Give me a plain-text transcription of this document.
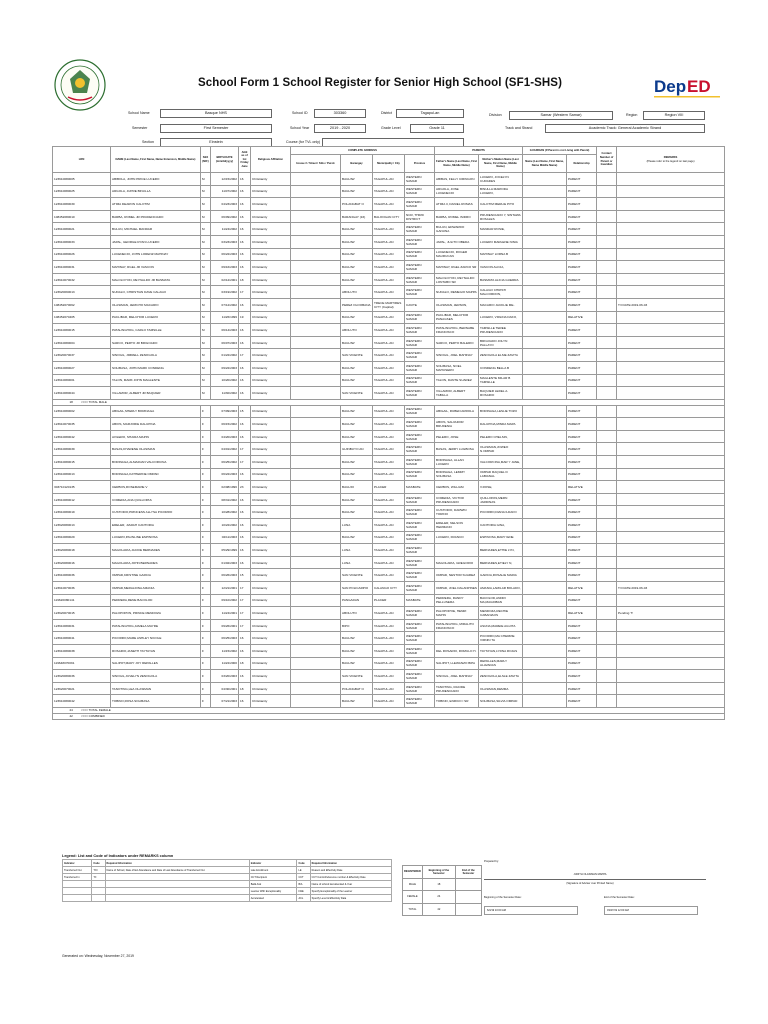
School Form 1 School Register for Senior High School (SF1-SHS)	Dep ED
School Name	Basque NHS	School ID	303360	District	Tagapul-an	Division	Samar (Western Samar)	Region	Region VIII
Semester	First Semester	School Year	2019 - 2020	Grade Level	Grade 11	Track and Strand	Academic Track: General Academic Strand
Section	Einstein	Course (for TVL only)
LRN	NAME (Last Name, First Name, Name Extension, Middle Name)	SEX (M/F)	BIRTH DATE (mm/dd/yyyy)	AGE as of 1st Friday June	Religious Affiliation	COMPLETE ADDRESS				PARENTS		GUARDIAN (If Parent is not Living with Parent)		Contact Number of Parent or Guardian	REMARKS
(Please refer to the legend on last page)
						House # / Street / Sitio / Purok	Barangay	Municipality / City	Province	Father's Name (Last Name, First Name, Middle Name)	Mother's Maiden Name (Last Name, First Name, Middle Name)	Name (Last Name, First Name, Name Middle Name)	Relationship		
123610080005	ABIBOLA, JOHN PRICE LUCERO	M	12/15/2002	16	Christianity		BAGUIW	TAGAPUL-AN	WESTERN SAMAR	ABIBAS, FELLY CIRINGON	LUCERO, JOCELYN CURADES		PARENT		
123610080025	ARGOLA, JUPRE BINULLA	M	11/07/2002	16	Christianity		BAGUIW	TAGAPUL-AN	WESTERN SAMAR	ARGOLA, JOSE LUCENECIO	BINULLA MARIODA LUCERO,		PARENT		
123610080030	ATIMA DEARON CALOTIM	M	04/23/2003	16	Christianity		POLANGBAT O	TAGAPUL-AN	WESTERN SAMAR	ATIMA II, DANIEL ROMAS	CALOTIM MERLIE PITO		PARENT		
108452080010	BARBA, ROMEL JR PRUDENCIADO	M	06/09/2002	16	Christianity		BARANGAY (16)	BALOOGAN CITY	NCR, THIRD DISTRICT	BARBA, ROMEL ISIDRO	PRUDENCIADO Y, SINTAWA ROSALES		PARENT		
123610080021	BULUN, MICHAEL MANDAR	M	11/24/2002	16	Christianity		BAGUIW	TAGAPUL-AN	WESTERN SAMAR	BULUN, EDWARDO GANUNA	MANDAR ROSIE,		PARENT		
123610080033	JAPAL, GEORGE RYAN LUCERO	M	03/23/2003	16	Christianity		BAGUIW	TAGAPUL-AN	WESTERN SAMAR	JAPAL, JULITO OBEDA	LUCERO MARLENE NINIA		PARENT		
123610080026	LUCENECIO, JOHN LORENZ MAHINAY	M	06/22/2003	16	Christianity		BAGUIW	TAGAPUL-AN	WESTERN SAMAR	LUCENECIO, ROGER MAURUCAN	MAHINAY LORNA B		PARENT		
123610080031	MAHINAY, RGEL JR VASCON	M	09/16/2003	16	Christianity		BAGUIW	TAGAPUL-AN	WESTERN SAMAR	MAHINAY, RGEL ZARCO SR	VASCON ALICIA,		PARENT		
123610070032	MALOLOYON, REYNALDO JR BASMATA	M	02/12/2001	18	Christianity		BAGUIW	TAGAPUL-AN	WESTERN SAMAR	MALOLOYON, REYNALDO LONTABO SR	BASMATA ALICIA GUERRA		PARENT		
123620090013	NUDALO, CHRISTIAN DAVE CALAGO	M	03/19/2002	17	Christianity		ABOLUTO	TAGAPUL-AN	WESTERN SAMAR	NUDALO, REMEGIO MAPPA	CALAGO CHRISTI MALCORDON,		PARENT		
108452070062	OLASIMAN, JERICHO MACARIO	M	07/12/2002	16	Christianity		PEREZ OLOOBANA	TRECE MARTIRES CITY (Capital)	CAVITE	OLASIMAN, JERSON,	MACARIO JACKLIE ME..		PARENT		T/I DATE:2019-06-03
108452070405	PACLIBAR, MELCHOR LUCERO	M	11/26/1999	19	Christianity		BAGUIW	TAGAPUL-AN	WESTERN SAMAR	PACLIBAR, MELCHOR PANAGSES	LUCERO, VIRLINA DAKO,		RELATIVE		
123610080015	PATALINGHOG, CARLO TAMSILLE	M	06/14/2003	16	Christianity		ABOLUTO	TAGAPUL-AN	WESTERN SAMAR	PATALINGHOG, BERNABE FRANCISCO	TAMSILLE TEREE PRUDENCIADO		PARENT		
123610080004	SARCO, PERTO JR BRIGOADO	M	06/07/2003	16	Christianity		BAGUIW	TAGAPUL-AN	WESTERN SAMAR	SARCO, PERTO BALERIO	BRIGOADO JOLYN PALLAYO		PARENT		
123620070037	SINOGIL, JIMRELL ZENOGOLA	M	01/22/2002	17	Christianity		SAN VICENTE	TAGAPUL-AN	WESTERN SAMAR	SINOGIL, JOEL MAHINAY	ZENOGOLA ELSIE ZAVITA		PARENT		
123610080027	SOLIBASA, JOHN MARK CONDENG	M	09/22/2003	16	Christianity		BAGUIW	TAGAPUL-AN	WESTERN SAMAR	SOLIBASA, NOEL MAHUSERO	CONDENG BELLA B		PARENT		
123610080001	TALON, MARK JOHN MAGLENTE	M	10/20/2002	16	Christianity		BAGUIW	TAGAPUL-AN	WESTERN SAMAR	TALON, DANTE SUAREZ	MAGLENTE MILAR B TAMSILLE		PARENT		
123610080044	VILLAMOR, ALBERT JR BAQUIER	M	11/30/2002	16	Christianity		SAN VICENTE	TAGAPUL-AN	WESTERN SAMAR	VILLAMOR, ALBERT TABILLA	BAQUIER LEDEL A. ROSARIO		PARENT		
	18 <=== TOTAL MALE														
123610080002	ABIGAIL,SHERLY BORINAGA	F	07/09/2003	15	Christianity		BAGUIW	TAGAPUL-AN	WESTERN SAMAR	ABIGAIL, RUBEN ARROLA	BORINAGA,LESLIE TOZO		PARENT		
123610070035	ABIOS, MARJORIE DALUPINA	F	06/15/2002	16	Christianity		BAGUIW	TAGAPUL-AN	WESTERN SAMAR	ABIOS, SALVADOR BRUDENIA	DALUPINA,MINDA MAPA		PARENT		
123610080042	AVILERO, SHAIRA MAPIN	F	04/20/2003	16	Christianity		BAGUIW	TAGAPUL-AN	WESTERN SAMAR	PELERO, JOSE	PELERO CHELSIN,		PARENT		
123610080039	BASAS,KHARENE OLASIMAN	F	04/01/2002	17	Christianity		GUINBUYO AN	TAGAPUL-AN	WESTERN SAMAR	BASAS, JERRY LUGBOSA	OLASIMAN,JOWEO N.OMPAD		PARENT		
123610080015	BORINAGA,ALMARJAN VALCORCINA	F	06/25/2002	17	Christianity		BAGUIW	TAGAPUL-AN	WESTERN SAMAR	BORINAGA, ALLAN LUCERO	VALCORCINA,MAR Y JANE,		PARENT		
123610080013	BORINAGA,KATHERINE OMPAD	F	06/22/2003	16	Christianity		BAGUIW	TAGAPUL-AN	WESTERN SAMAR	BORINAGA, LEMMY SOLIBASA	OMPAD RAQUEL D LABIANAL		PARENT		
303710120135	CERBOS,ROSEMARIE V	F	02/08/1996	23	Christianity		BAGUIO	PLACER	MASBATE	CERBOS, WILLIAM	V.ROSE,		RELATIVE		
123610080012	COMEDIA,ANA QUILLOPAS	F	08/31/2002	16	Christianity		BAGUIW	TAGAPUL-AN	WESTERN SAMAR	COMEDIA, VICTOR PRUDENCIADO	QUILLOPAS,MERN JARDINAS		PARENT		
123610080019	CUSTODIO,PRINCESS ALLYSA PICORRO	F	10/28/2002	16	Christianity		BAGUIW	TAGAPUL-AN	WESTERN SAMAR	CUSTODIO, DARWIN TORINO	PICORRO,DIANA ILDAFO		PARENT		
123620080013	ERELER, JIARAH CANTORIA	F	10/22/2002	16	Christianity		LUNA	TAGAPUL-AN	WESTERN SAMAR	ERELER, NELSON HERMANO	CANTORIA GINA,		PARENT		
123610080029	LUCERO,PAUNLINE ESPINOSA	F	02/11/2003	16	Christianity		BAGUIW	TAGAPUL-AN	WESTERN SAMAR	LUCERO, FRANCO	ESPINOSA,MARY IENE		PARENT		
123620080018	MAGOLARIA,JACKIE BERNADES	F	05/29/1999	16	Christianity		LUNA	TAGAPUL-AN	WESTERN SAMAR		BERNADES,ETHIE LYN,		PARENT		
123620080016	MAGOLARIA,JOHN BERNADES	F	01/02/2003	16	Christianity		LUNA	TAGAPUL-AN	WESTERN SAMAR	MAGOLARIA, GREGORIO	BERNADES,ETIELY N,		PARENT		
123610080036	OMPAD,KRISTINE GARCIA	F	06/26/2003	15	Christianity		SAN VICENTE	TAGAPUL-AN	WESTERN SAMAR	OMPAD, NESTOR SUAREZ	GARCIA,ROSALIE MARIA		PARENT		
123610070036	OMPAD,MERALDINA AMANIA	F	12/21/2001	17	Christianity		SAN POLICARPIO	CALANGO CITY	WESTERN SAMAR	OMPAD, JOEL DALANPINES	AMANIA,LAMILAR BOLADO,		RELATIVE		T/I DATE:2019-06-03
119620080141	PEDRERA,RENE BACOLOD	F	09/10/2002	17	Christianity		PANGADAN	PLACER	MASBATE	PEDRERA, RANDY PELLUSERA	BACOLOD,ANDRI MA,MAGDIBAN		PARENT		
123620070015	PALOPOPON, PRINCE MENDOZA	F	11/24/2001	17	Christianity		ABOLUTO	TAGAPUL-AN	WESTERN SAMAR	PALOPOPOE, HENRI MAPIN	MENDOZA,RECHIE CABANIAOS		RELATIVE		Pending T!
123610080031	PATALINGHOG,JAMELA MAYRE	F	09/26/2001	17	Christianity		BIPO	TAGAPUL-AN	WESTERN SAMAR	PATALINGHOG, MIRALITO FRANCISCO	ASUNA,MAREIE AGUITA		PARENT		
123610080041	PICORRO,MARE ASHLEY NICOLE	F	06/25/2003	16	Christianity		BAGUIW	TAGAPUL-AN	WESTERN SAMAR		PICORRO,MA CHERRIE VIRNIN TA		PARENT		
123610080038	ROSARIO,JANETH TAYTAYAN	F	11/15/2002	16	Christianity		BAGUIW	TAGAPUL-AN	WESTERN SAMAR	DEL ROSARIO, ROMULO H.	TAYTAYAN,LYDNA ROJAS		PARENT		
119648070091	SALIPOT,MARY JOY REPALLES	F	11/22/2000	18	Christianity		BAGUIW	TAGAPUL-AN	WESTERN SAMAR	SALIPOT, LLEWANZO BIPA	REPALLES,MARLY ALAVADAS		PARENT		
123620080036	SINOGIL,JUVELYN ZENOGOLA	F	03/20/2003	16	Christianity		SAN VICENTE	TAGAPUL-AN	WESTERN SAMAR	SINOGIL, JOEL MAHINAY	ZENOGOLA,ELSLE ZAVITA		PARENT		
123620070021	TANOTING,LEA OLASIMAN	F	04/30/2001	18	Christianity		POLANGBAT O	TAGAPUL-AN	WESTERN SAMAR	TANOTING, RACIDE PRUDENCIADO	OLASIMAN,DEMMA		PARENT		
123610080042	TOBINO,ROSA SOLIBASA	F	07/21/2003	16	Christianity		BAGUIW	TAGAPUL-AN	WESTERN SAMAR	TOBINO, ENRICO I SR	SOLIBASA,SILVIA OMPAD		PARENT		
	24 <=== TOTAL FEMALE														
	42 <=== COMBINED														
Legend: List and Code of Indicators under REMARKS column
Indicator	Code	Required Information	Indicator	Code	Required Information
Transferred Out	T/O	Name of School, Date of Ext Attendance and Date of Last Attendance of Transferred Out	Late Enrollment	LE	Reason and Effectivity Date
Transferred In	T/I		CCT Recipient	CCT	CCT Control/reference number & Effectivity Date
			Balik Aral	B/A	Name of school last attended & Year
			Learner With Exceptionality	LWE	Specify Exceptionality of the Learner
			Accelerated	ACL	Specify Level & Effectivity Data
REGISTERED	Beginning of the Semester	End of the Semester
MALE	18	
FEMALE	24	
TOTAL	42	
Prepared by:
JUDITH OLASIMAN MAPPA
(Signature of Adviser over Printed Name)
Beginning of the Semester Date:	End of the Semester Date:
6/3/19 10:00 AM	03/27/19 12:00 AM
Generated on: Wednesday, November 27, 2019
